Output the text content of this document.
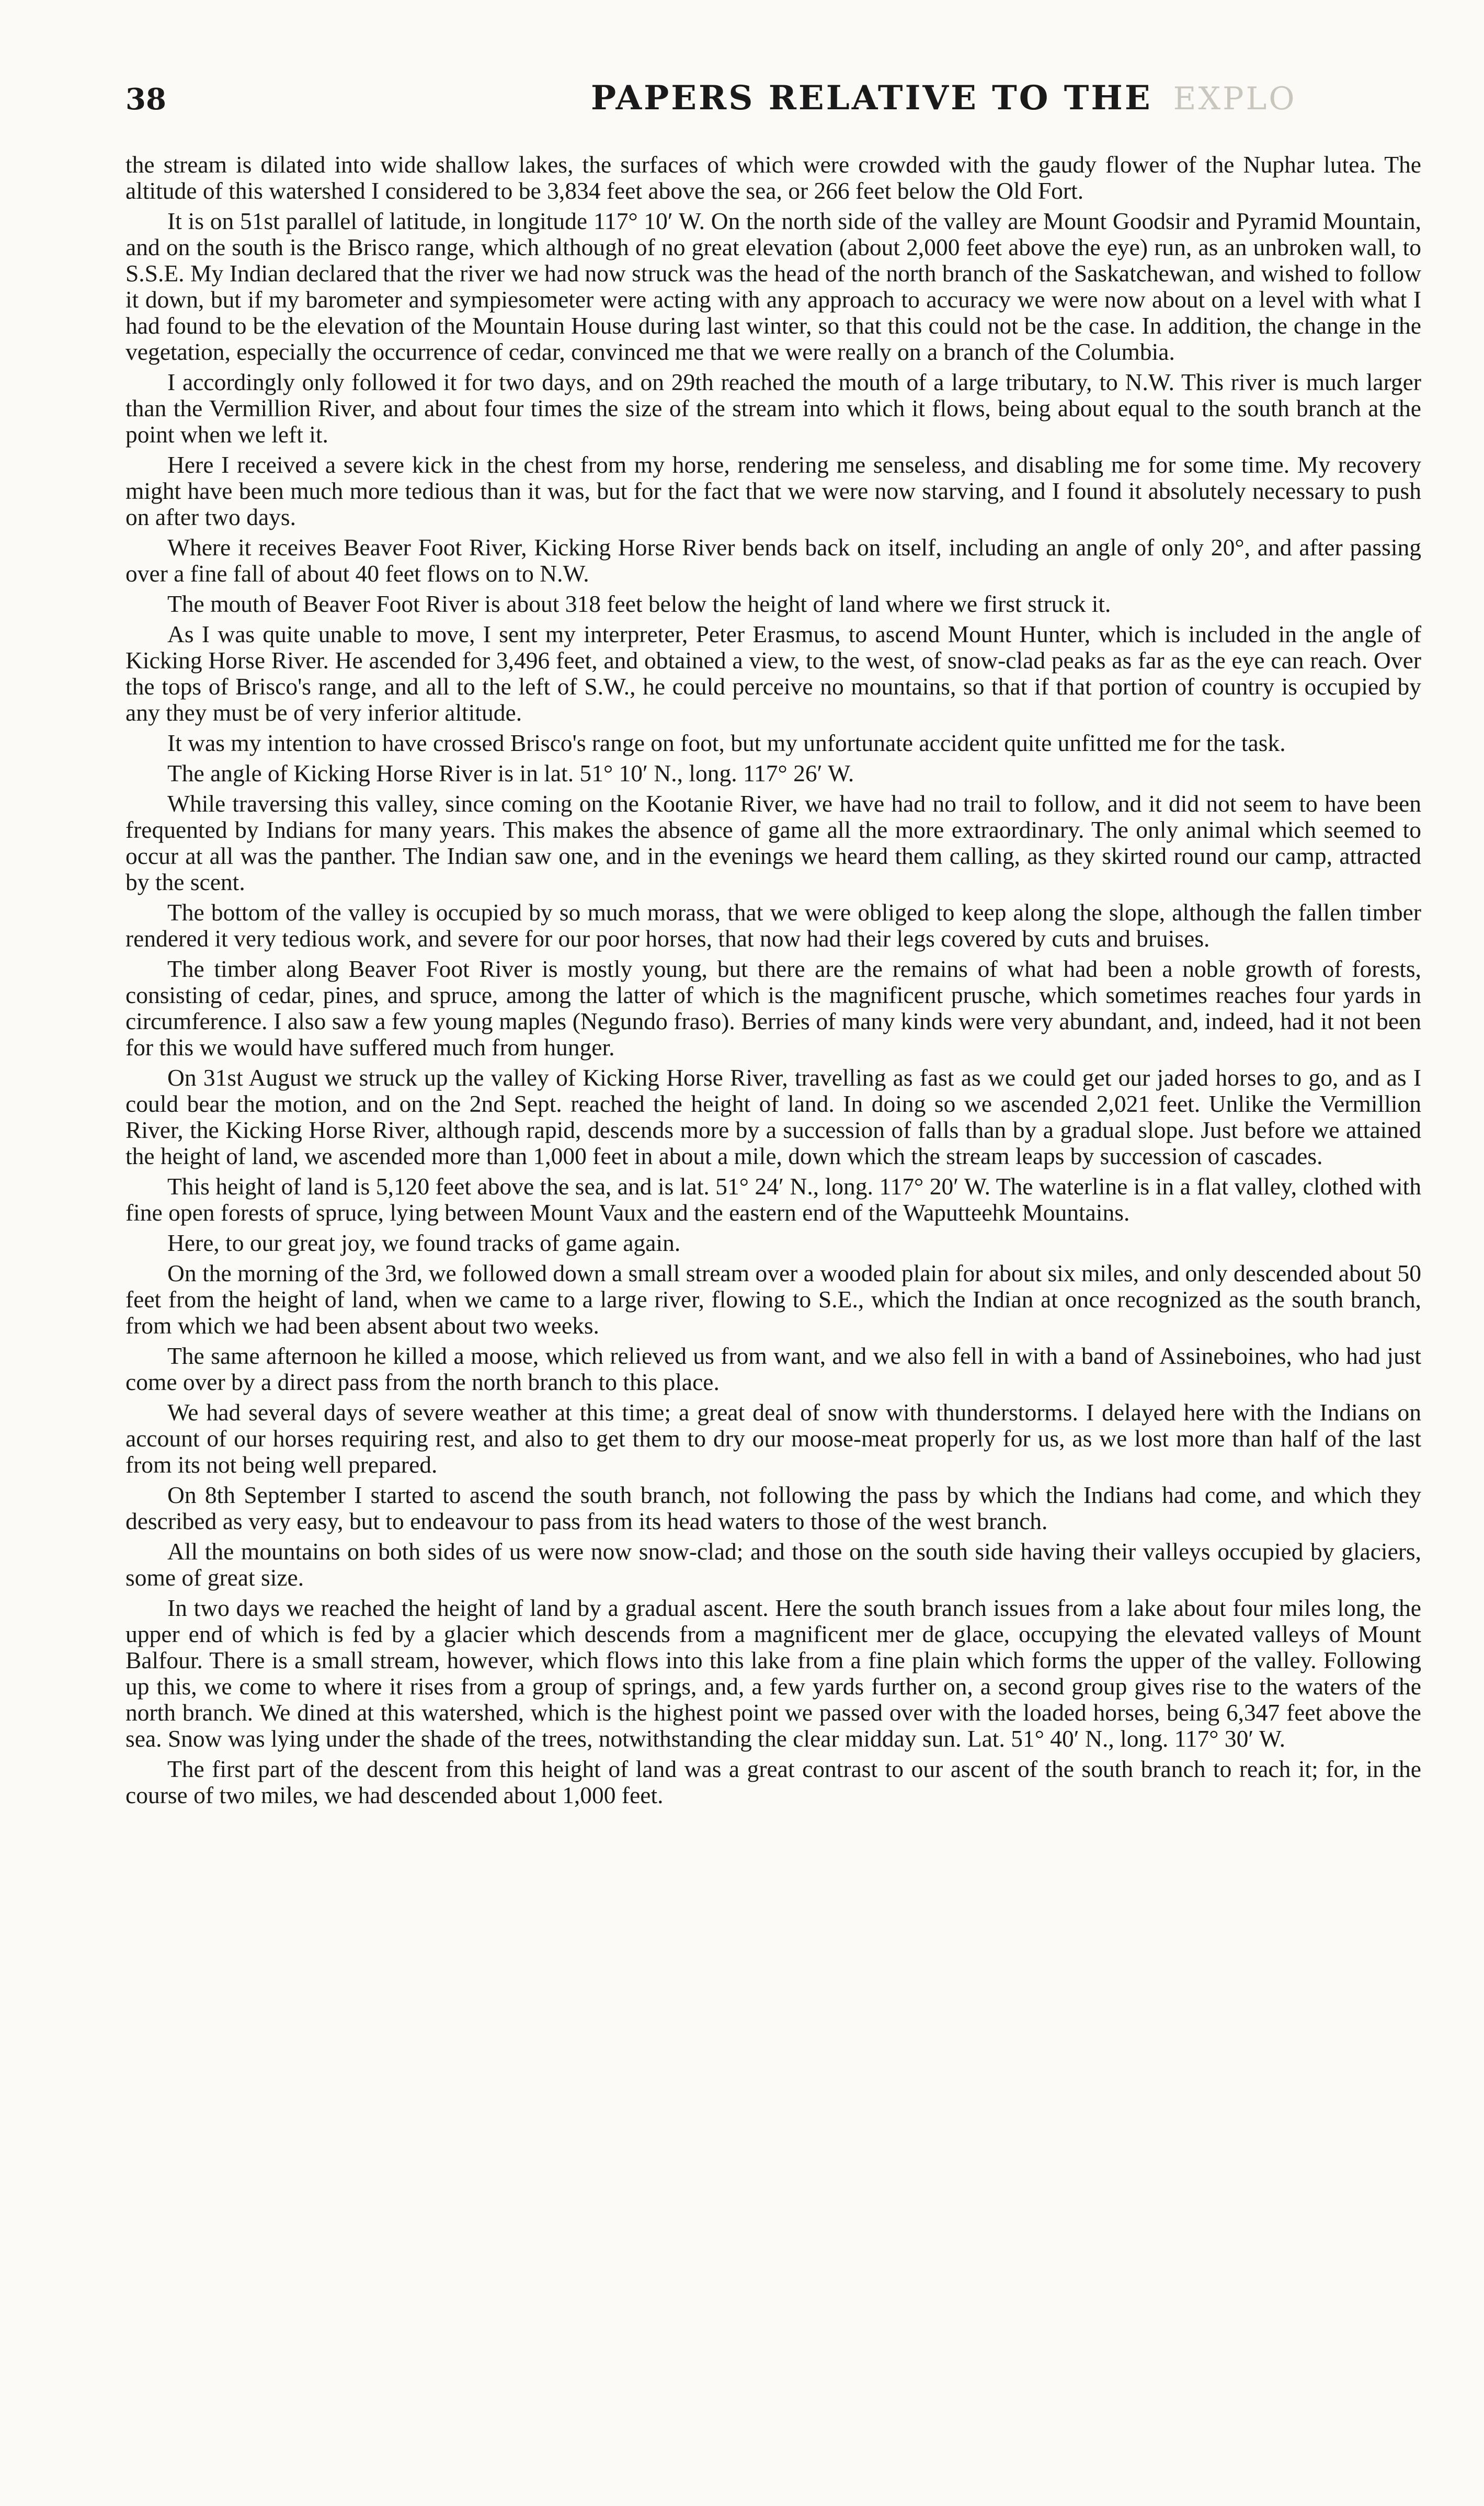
38	PAPERS RELATIVE TO THE EXPLO

the stream is dilated into wide shallow lakes, the surfaces of which were crowded with the gaudy flower of the Nuphar lutea. The altitude of this watershed I considered to be 3,834 feet above the sea, or 266 feet below the Old Fort.

It is on 51st parallel of latitude, in longitude 117° 10′ W. On the north side of the valley are Mount Goodsir and Pyramid Mountain, and on the south is the Brisco range, which although of no great elevation (about 2,000 feet above the eye) run, as an unbroken wall, to S.S.E. My Indian declared that the river we had now struck was the head of the north branch of the Saskatchewan, and wished to follow it down, but if my barometer and sympiesometer were acting with any approach to accuracy we were now about on a level with what I had found to be the elevation of the Mountain House during last winter, so that this could not be the case. In addition, the change in the vegetation, especially the occurrence of cedar, convinced me that we were really on a branch of the Columbia.

I accordingly only followed it for two days, and on 29th reached the mouth of a large tributary, to N.W. This river is much larger than the Vermillion River, and about four times the size of the stream into which it flows, being about equal to the south branch at the point when we left it.

Here I received a severe kick in the chest from my horse, rendering me senseless, and disabling me for some time. My recovery might have been much more tedious than it was, but for the fact that we were now starving, and I found it absolutely necessary to push on after two days.

Where it receives Beaver Foot River, Kicking Horse River bends back on itself, including an angle of only 20°, and after passing over a fine fall of about 40 feet flows on to N.W.

The mouth of Beaver Foot River is about 318 feet below the height of land where we first struck it.

As I was quite unable to move, I sent my interpreter, Peter Erasmus, to ascend Mount Hunter, which is included in the angle of Kicking Horse River. He ascended for 3,496 feet, and obtained a view, to the west, of snow-clad peaks as far as the eye can reach. Over the tops of Brisco's range, and all to the left of S.W., he could perceive no mountains, so that if that portion of country is occupied by any they must be of very inferior altitude.

It was my intention to have crossed Brisco's range on foot, but my unfortunate accident quite unfitted me for the task.

The angle of Kicking Horse River is in lat. 51° 10′ N., long. 117° 26′ W.

While traversing this valley, since coming on the Kootanie River, we have had no trail to follow, and it did not seem to have been frequented by Indians for many years. This makes the absence of game all the more extraordinary. The only animal which seemed to occur at all was the panther. The Indian saw one, and in the evenings we heard them calling, as they skirted round our camp, attracted by the scent.

The bottom of the valley is occupied by so much morass, that we were obliged to keep along the slope, although the fallen timber rendered it very tedious work, and severe for our poor horses, that now had their legs covered by cuts and bruises.

The timber along Beaver Foot River is mostly young, but there are the remains of what had been a noble growth of forests, consisting of cedar, pines, and spruce, among the latter of which is the magnificent prusche, which sometimes reaches four yards in circumference. I also saw a few young maples (Negundo fraso). Berries of many kinds were very abundant, and, indeed, had it not been for this we would have suffered much from hunger.

On 31st August we struck up the valley of Kicking Horse River, travelling as fast as we could get our jaded horses to go, and as I could bear the motion, and on the 2nd Sept. reached the height of land. In doing so we ascended 2,021 feet. Unlike the Vermillion River, the Kicking Horse River, although rapid, descends more by a succession of falls than by a gradual slope. Just before we attained the height of land, we ascended more than 1,000 feet in about a mile, down which the stream leaps by succession of cascades.

This height of land is 5,120 feet above the sea, and is lat. 51° 24′ N., long. 117° 20′ W. The waterline is in a flat valley, clothed with fine open forests of spruce, lying between Mount Vaux and the eastern end of the Waputteehk Mountains.

Here, to our great joy, we found tracks of game again.

On the morning of the 3rd, we followed down a small stream over a wooded plain for about six miles, and only descended about 50 feet from the height of land, when we came to a large river, flowing to S.E., which the Indian at once recognized as the south branch, from which we had been absent about two weeks.

The same afternoon he killed a moose, which relieved us from want, and we also fell in with a band of Assineboines, who had just come over by a direct pass from the north branch to this place.

We had several days of severe weather at this time; a great deal of snow with thunderstorms. I delayed here with the Indians on account of our horses requiring rest, and also to get them to dry our moose-meat properly for us, as we lost more than half of the last from its not being well prepared.

On 8th September I started to ascend the south branch, not following the pass by which the Indians had come, and which they described as very easy, but to endeavour to pass from its head waters to those of the west branch.

All the mountains on both sides of us were now snow-clad; and those on the south side having their valleys occupied by glaciers, some of great size.

In two days we reached the height of land by a gradual ascent. Here the south branch issues from a lake about four miles long, the upper end of which is fed by a glacier which descends from a magnificent mer de glace, occupying the elevated valleys of Mount Balfour. There is a small stream, however, which flows into this lake from a fine plain which forms the upper of the valley. Following up this, we come to where it rises from a group of springs, and, a few yards further on, a second group gives rise to the waters of the north branch. We dined at this watershed, which is the highest point we passed over with the loaded horses, being 6,347 feet above the sea. Snow was lying under the shade of the trees, notwithstanding the clear midday sun. Lat. 51° 40′ N., long. 117° 30′ W.

The first part of the descent from this height of land was a great contrast to our ascent of the south branch to reach it; for, in the course of two miles, we had descended about 1,000 feet.
